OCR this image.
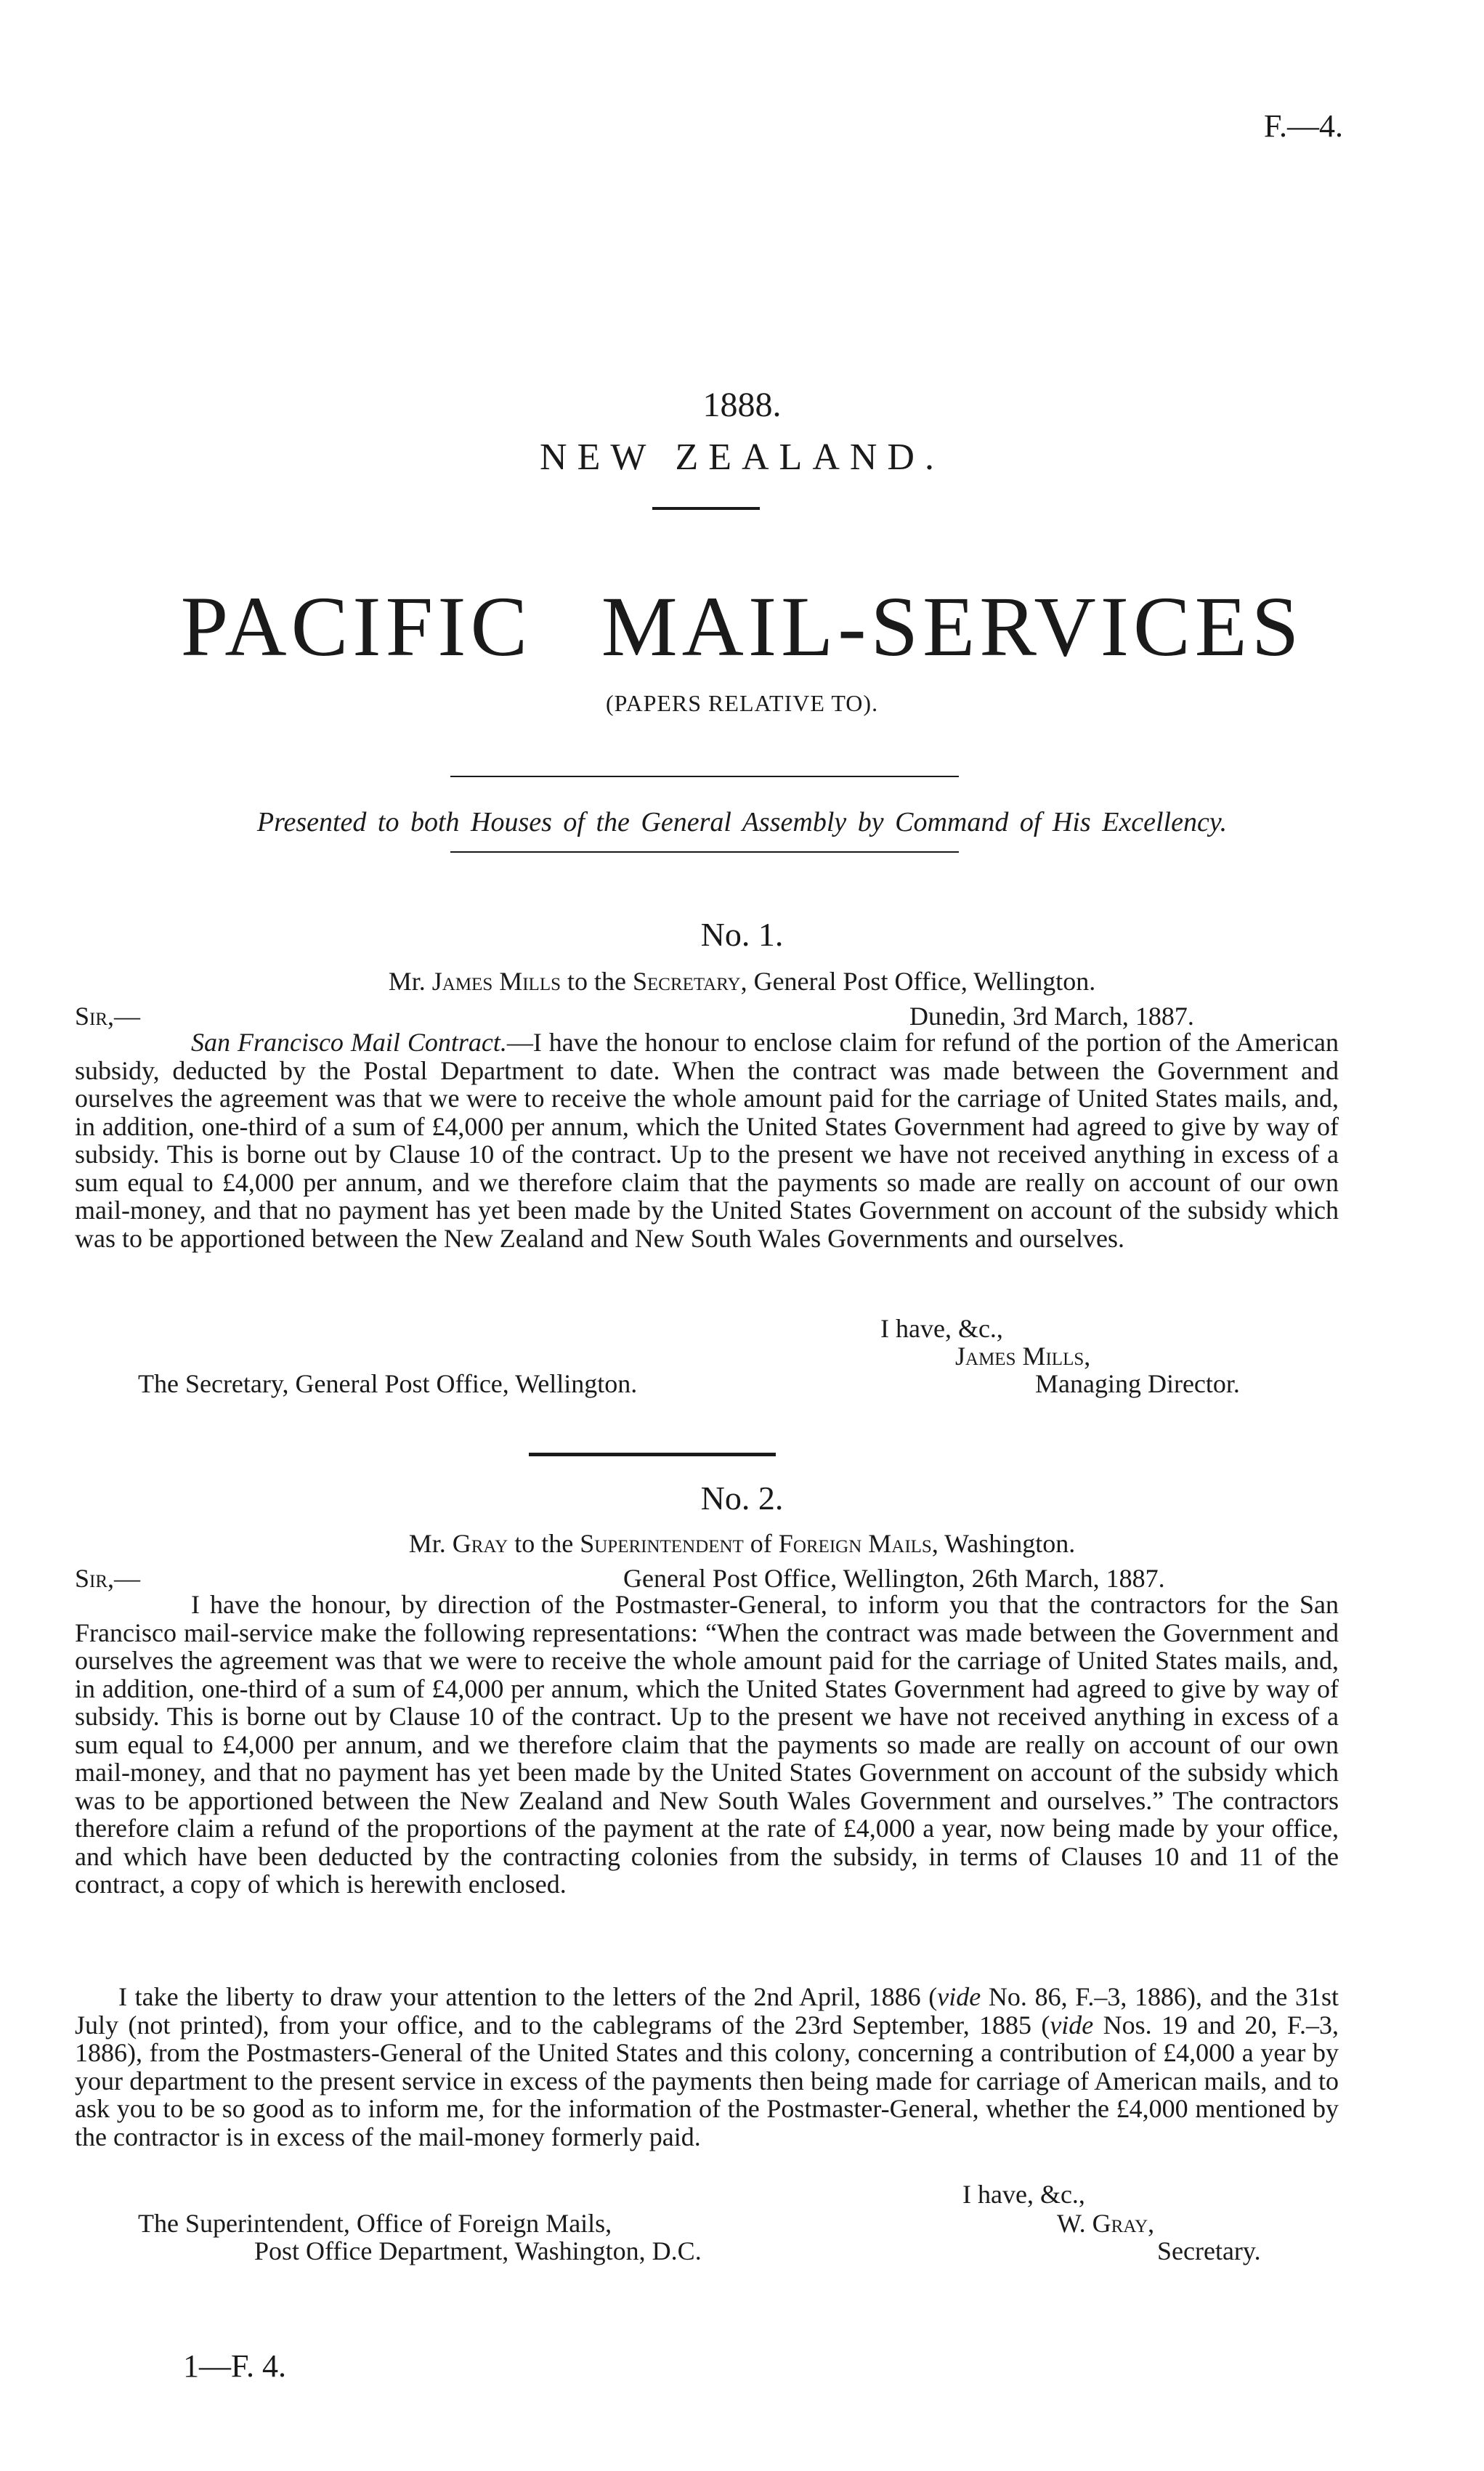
F.—4.
1888.
NEW ZEALAND.
PACIFIC MAIL-SERVICES
(PAPERS RELATIVE TO).
Presented to both Houses of the General Assembly by Command of His Excellency.
No. 1.
Mr. James Mills to the Secretary, General Post Office, Wellington.
Sir,—	Dunedin, 3rd March, 1887.
San Francisco Mail Contract.—I have the honour to enclose claim for refund of the portion of the American subsidy, deducted by the Postal Department to date. When the contract was made between the Government and ourselves the agreement was that we were to receive the whole amount paid for the carriage of United States mails, and, in addition, one-third of a sum of £4,000 per annum, which the United States Government had agreed to give by way of subsidy. This is borne out by Clause 10 of the contract. Up to the present we have not received anything in excess of a sum equal to £4,000 per annum, and we therefore claim that the payments so made are really on account of our own mail-money, and that no payment has yet been made by the United States Government on account of the subsidy which was to be apportioned between the New Zealand and New South Wales Governments and ourselves.
I have, &c.,
James Mills,
The Secretary, General Post Office, Wellington.	Managing Director.
No. 2.
Mr. Gray to the Superintendent of Foreign Mails, Washington.
Sir,—	General Post Office, Wellington, 26th March, 1887.
I have the honour, by direction of the Postmaster-General, to inform you that the contractors for the San Francisco mail-service make the following representations: “When the contract was made between the Government and ourselves the agreement was that we were to receive the whole amount paid for the carriage of United States mails, and, in addition, one-third of a sum of £4,000 per annum, which the United States Government had agreed to give by way of subsidy. This is borne out by Clause 10 of the contract. Up to the present we have not received anything in excess of a sum equal to £4,000 per annum, and we therefore claim that the payments so made are really on account of our own mail-money, and that no payment has yet been made by the United States Government on account of the subsidy which was to be apportioned between the New Zealand and New South Wales Government and ourselves.” The contractors therefore claim a refund of the proportions of the payment at the rate of £4,000 a year, now being made by your office, and which have been deducted by the contracting colonies from the subsidy, in terms of Clauses 10 and 11 of the contract, a copy of which is herewith enclosed.
I take the liberty to draw your attention to the letters of the 2nd April, 1886 (vide No. 86, F.–3, 1886), and the 31st July (not printed), from your office, and to the cablegrams of the 23rd September, 1885 (vide Nos. 19 and 20, F.–3, 1886), from the Postmasters-General of the United States and this colony, concerning a contribution of £4,000 a year by your department to the present service in excess of the payments then being made for carriage of American mails, and to ask you to be so good as to inform me, for the information of the Postmaster-General, whether the £4,000 mentioned by the contractor is in excess of the mail-money formerly paid.
I have, &c.,
The Superintendent, Office of Foreign Mails,	W. Gray,
Post Office Department, Washington, D.C.	Secretary.
1—F. 4.
